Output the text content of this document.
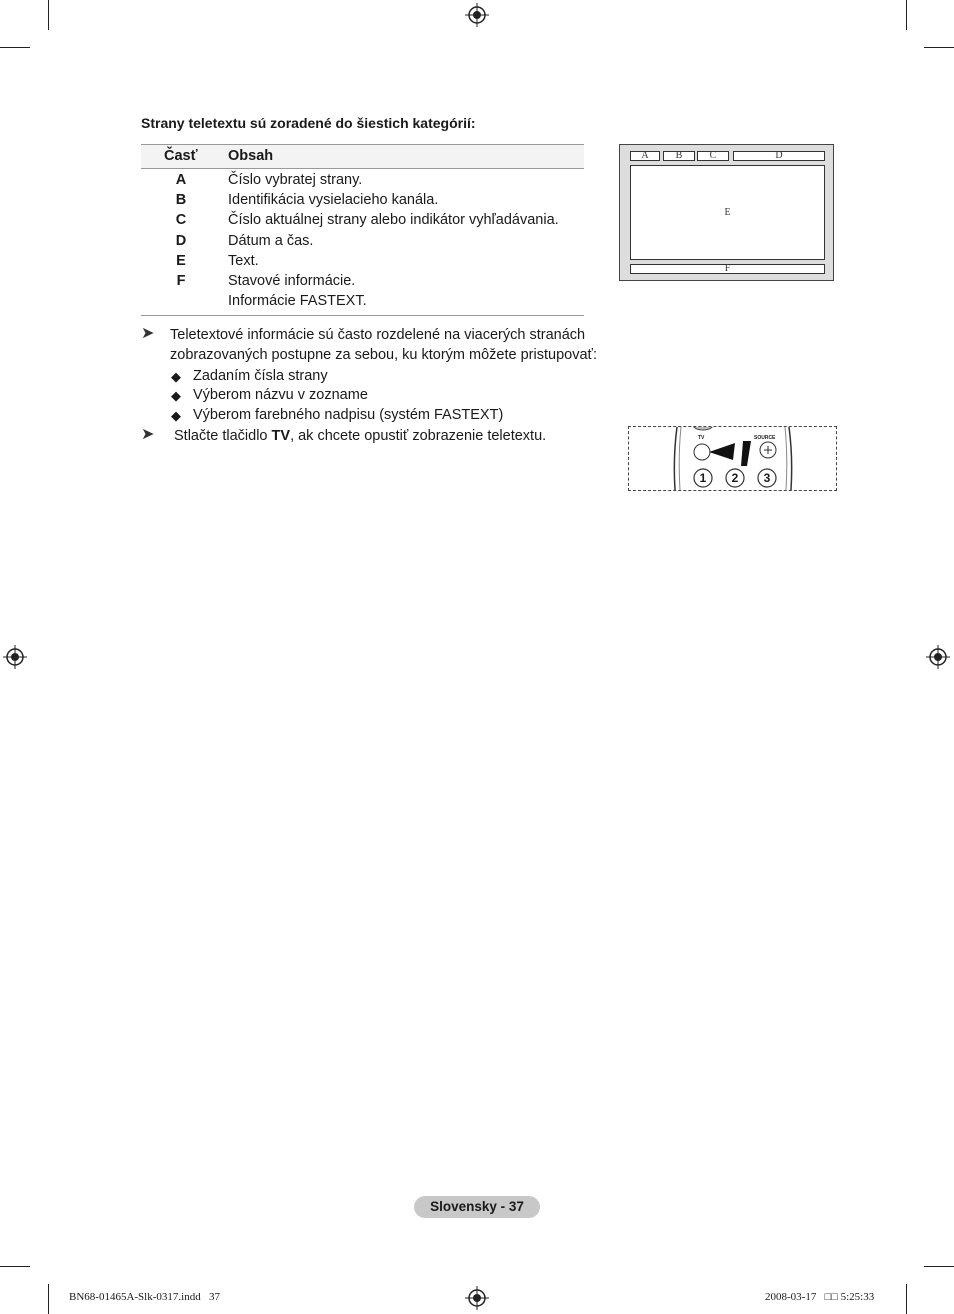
Strany teletextu sú zoradené do šiestich kategórií:
Časť Obsah
A	Číslo vybratej strany.
B	Identifikácia vysielacieho kanála.
C	Číslo aktuálnej strany alebo indikátor vyhľadávania.
D	Dátum a čas.
E	Text.
F	Stavové informácie.
Informácie FASTEXT.
A	B	C	D
E
F
➤ Teletextové informácie sú často rozdelené na viacerých stranách
zobrazovaných postupne za sebou, ku ktorým môžete pristupovať:
◆ Zadaním čísla strany
◆ Výberom názvu v zozname
◆ Výberom farebného nadpisu (systém FASTEXT)
➤ Stlačte tlačidlo TV, ak chcete opustiť zobrazenie teletextu.	TV	SOURCE
1	2	3
Slovensky - 37
BN68-01465A-Slk-0317.indd   37	2008-03-17   □□ 5:25:33
